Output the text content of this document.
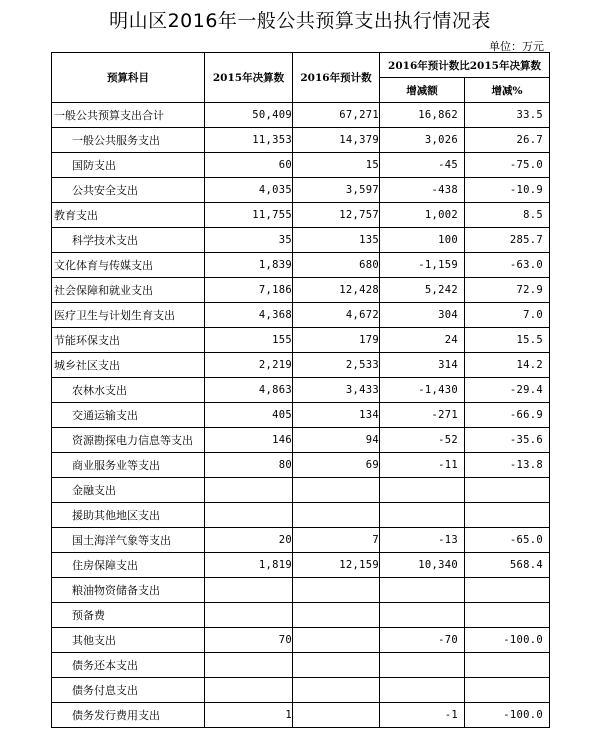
明山区2016年一般公共预算支出执行情况表
单位：万元
预算科目	2015年决算数	2016年预计数	2016年预计数比2015年决算数	
			增减额	增减%
一般公共预算支出合计	50,409	67,271	16,862	33.5
一般公共服务支出	11,353	14,379	3,026	26.7
国防支出	60	15	-45	-75.0
公共安全支出	4,035	3,597	-438	-10.9
教育支出	11,755	12,757	1,002	8.5
科学技术支出	35	135	100	285.7
文化体育与传媒支出	1,839	680	-1,159	-63.0
社会保障和就业支出	7,186	12,428	5,242	72.9
医疗卫生与计划生育支出	4,368	4,672	304	7.0
节能环保支出	155	179	24	15.5
城乡社区支出	2,219	2,533	314	14.2
农林水支出	4,863	3,433	-1,430	-29.4
交通运输支出	405	134	-271	-66.9
资源勘探电力信息等支出	146	94	-52	-35.6
商业服务业等支出	80	69	-11	-13.8
金融支出				
援助其他地区支出				
国土海洋气象等支出	20	7	-13	-65.0
住房保障支出	1,819	12,159	10,340	568.4
粮油物资储备支出				
预备费				
其他支出	70		-70	-100.0
债务还本支出				
债务付息支出				
债务发行费用支出	1		-1	-100.0
